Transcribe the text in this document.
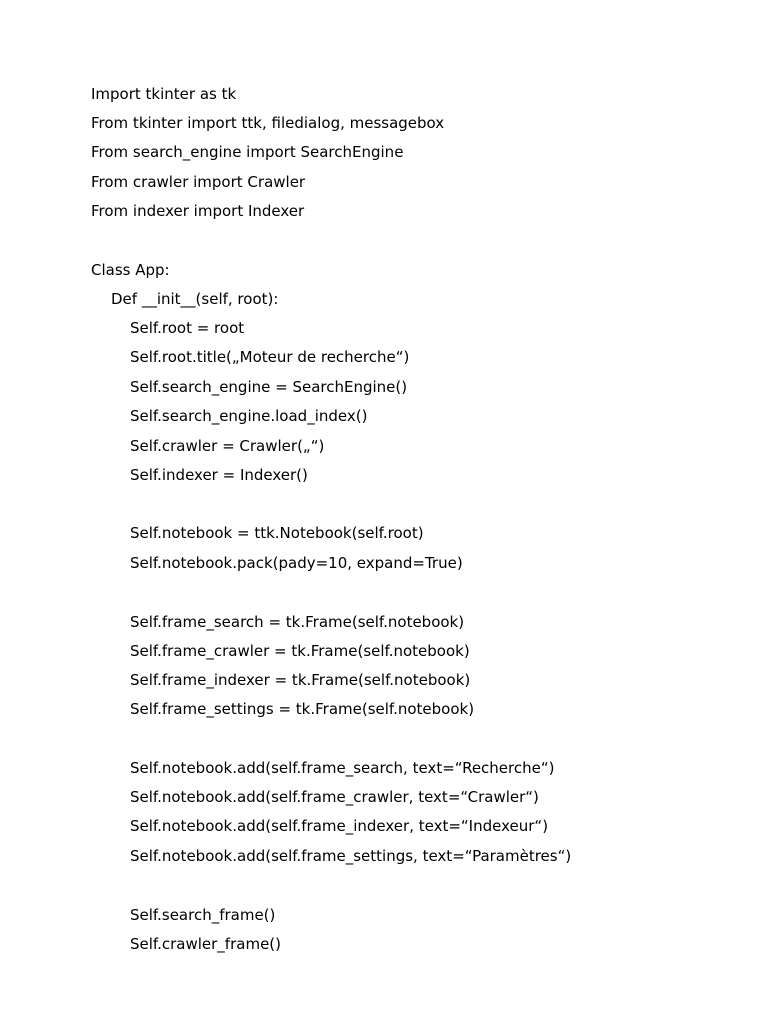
Import tkinter as tk
From tkinter import ttk, filedialog, messagebox
From search_engine import SearchEngine
From crawler import Crawler
From indexer import Indexer
Class App:
Def __init__(self, root):
Self.root = root
Self.root.title(„Moteur de recherche“)
Self.search_engine = SearchEngine()
Self.search_engine.load_index()
Self.crawler = Crawler(„“)
Self.indexer = Indexer()
Self.notebook = ttk.Notebook(self.root)
Self.notebook.pack(pady=10, expand=True)
Self.frame_search = tk.Frame(self.notebook)
Self.frame_crawler = tk.Frame(self.notebook)
Self.frame_indexer = tk.Frame(self.notebook)
Self.frame_settings = tk.Frame(self.notebook)
Self.notebook.add(self.frame_search, text=“Recherche“)
Self.notebook.add(self.frame_crawler, text=“Crawler“)
Self.notebook.add(self.frame_indexer, text=“Indexeur“)
Self.notebook.add(self.frame_settings, text=“Paramètres“)
Self.search_frame()
Self.crawler_frame()
